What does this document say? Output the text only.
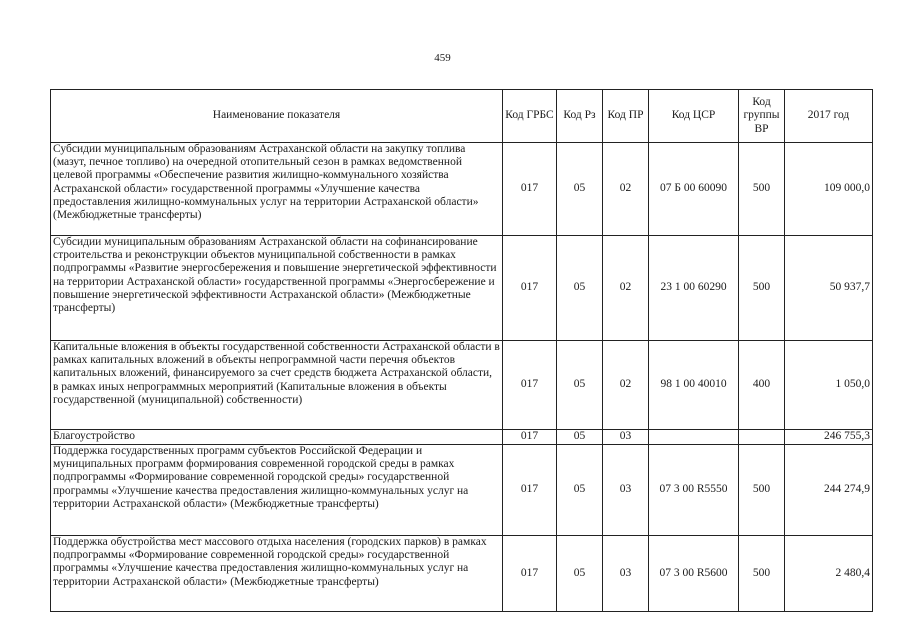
459
Наименование показателя	Код ГРБС	Код Рз	Код ПР	Код ЦСР	Код группы ВР	2017 год
Субсидии муниципальным образованиям Астраханской области на закупку топлива (мазут, печное топливо) на очередной отопительный сезон в рамках ведомственной целевой программы «Обеспечение развития жилищно-коммунального хозяйства Астраханской области» государственной программы «Улучшение качества предоставления жилищно-коммунальных услуг на территории Астраханской области» (Межбюджетные трансферты)	017	05	02	07 Б 00 60090	500	109 000,0
Субсидии муниципальным образованиям Астраханской области на софинансирование строительства и реконструкции объектов муниципальной собственности в рамках подпрограммы «Развитие энергосбережения и повышение энергетической эффективности на территории Астраханской области» государственной программы «Энергосбережение и повышение энергетической эффективности Астраханской области» (Межбюджетные трансферты)	017	05	02	23 1 00 60290	500	50 937,7
Капитальные вложения в объекты государственной собственности Астраханской области в рамках капитальных вложений в объекты непрограммной части перечня объектов капитальных вложений, финансируемого за счет средств бюджета Астраханской области, в рамках иных непрограммных мероприятий (Капитальные вложения в объекты государственной (муниципальной) собственности)	017	05	02	98 1 00 40010	400	1 050,0
Благоустройство	017	05	03			246 755,3
Поддержка государственных программ субъектов Российской Федерации и муниципальных программ формирования современной городской среды в рамках подпрограммы «Формирование современной городской среды» государственной программы «Улучшение качества предоставления жилищно-коммунальных услуг на территории Астраханской области» (Межбюджетные трансферты)	017	05	03	07 3 00 R5550	500	244 274,9
Поддержка обустройства мест массового отдыха населения (городских парков) в рамках подпрограммы «Формирование современной городской среды» государственной программы «Улучшение качества предоставления жилищно-коммунальных услуг на территории Астраханской области» (Межбюджетные трансферты)	017	05	03	07 3 00 R5600	500	2 480,4
